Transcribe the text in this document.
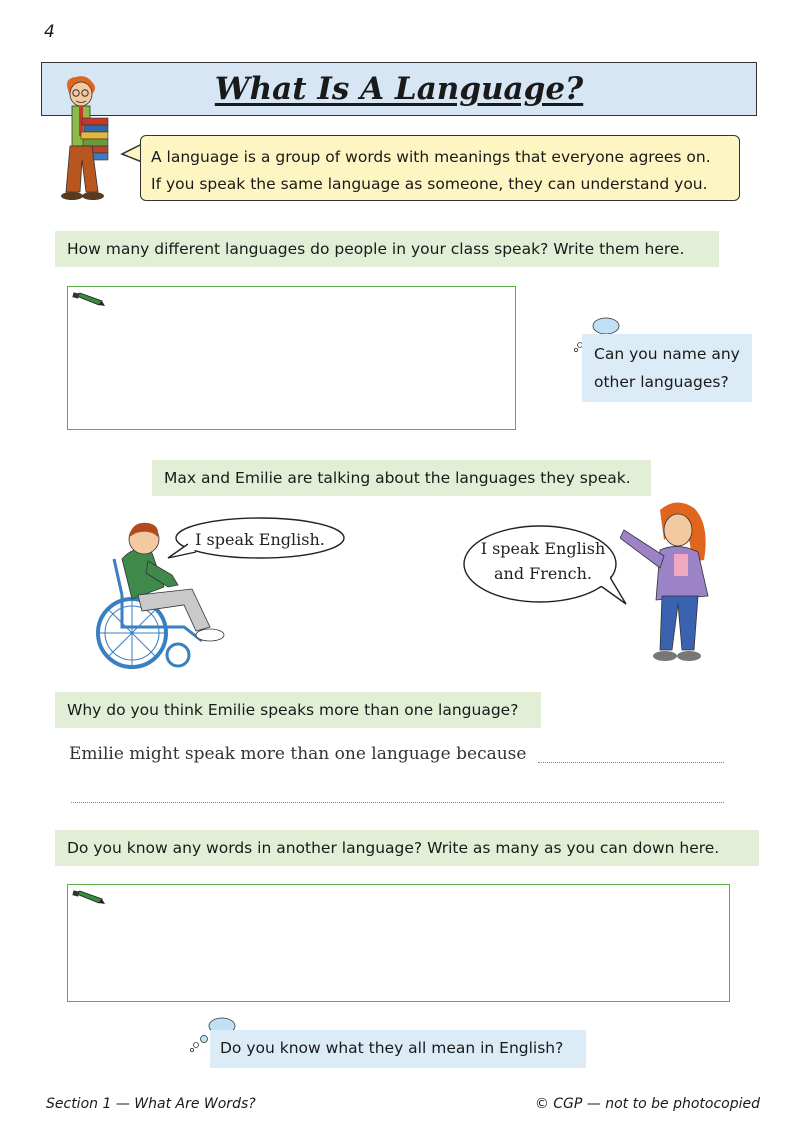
4
What Is A Language?
A language is a group of words with meanings that everyone agrees on.
If you speak the same language as someone, they can understand you.
How many different languages do people in your class speak? Write them here.
Can you name any
other languages?
Max and Emilie are talking about the languages they speak.
I speak English.	I speak English
and French.
Why do you think Emilie speaks more than one language?
Emilie might speak more than one language because
Do you know any words in another language? Write as many as you can down here.
Do you know what they all mean in English?
Section 1 — What Are Words?	© CGP — not to be photocopied
